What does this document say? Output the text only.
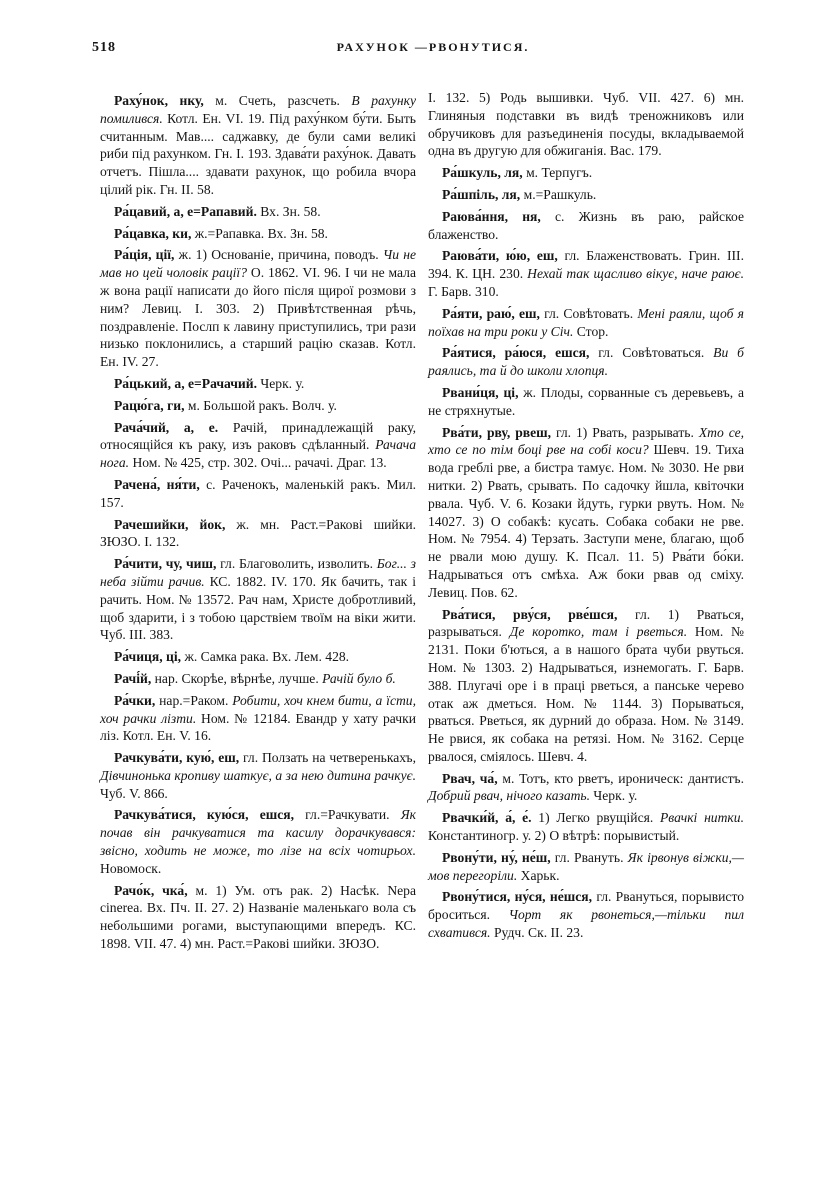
518	РАХУНОК —РВОНУТИСЯ.

Раху́нок, нку, м. Счеть, разсчеть. В рахунку помилився. Котл. Ен. VI. 19. Під раху́нком бу́ти. Быть считанным. Мав.... саджавку, де були сами великі риби під рахунком. Гн. I. 193. Здава́ти раху́нок. Давать отчетъ. Пішла.... здавати рахунок, що робила вчора цілий рік. Гн. II. 58.

Ра́цавий, а, е=Рапавий. Вх. Зн. 58.

Ра́цавка, ки, ж.=Рапавка. Вх. Зн. 58.

Ра́ція, ції, ж. 1) Основаніе, причина, поводъ. Чи не мав но цей чоловік рації? О. 1862. VI. 96. I чи не мала ж вона рації написати до його після щирої розмови з ним? Левиц. I. 303. 2) Привѣтственная рѣчь, поздравленіе. Послп к лавину приступились, три рази низько поклонились, а старший рацію сказав. Котл. Ен. IV. 27.

Ра́цький, а, е=Рачачий. Черк. у.

Рацю́га, ги, м. Большой ракъ. Волч. у.

Рача́чий, а, е. Рачій, принадлежащій раку, относящійся къ раку, изъ раковъ сдѣланный. Рачача нога. Ном. № 425, стр. 302. Очі... рачачі. Драг. 13.

Рачена́, ня́ти, с. Раченокъ, маленькій ракъ. Мил. 157.

Рачешийки, йок, ж. мн. Раст.=Ракові шийки. ЗЮЗО. I. 132.

Ра́чити, чу, чиш, гл. Благоволить, изволить. Бог... з неба зійти рачив. КС. 1882. IV. 170. Як бачить, так і рачить. Ном. № 13572. Рач нам, Христе добротливий, щоб здарити, і з тобою царствіем твоїм на віки жити. Чуб. III. 383.

Ра́чиця, ці, ж. Самка рака. Вх. Лем. 428.

Рачі́й, нар. Скорѣе, вѣрнѣе, лучше. Рачій було б.

Ра́чки, нар.=Раком. Робити, хоч кнем бити, а їсти, хоч рачки лізти. Ном. № 12184. Евандр у хату рачки ліз. Котл. Ен. V. 16.

Рачкува́ти, кую́, еш, гл. Ползать на четверенькахъ, Дівчинонька кропиву шаткує, а за нею дитина рачкує. Чуб. V. 866.

Рачкува́тися, кую́ся, ешся, гл.=Рачкувати. Як почав він рачкуватися та касилу дорачкувався: звісно, ходить не може, то лізе на всіх чотирьох. Новомоск.

Рачо́к, чка́, м. 1) Ум. отъ рак. 2) Насѣк. Nepa cinerea. Вх. Пч. II. 27. 2) Названіе маленькаго вола съ небольшими рогами, выступающими впередъ. КС. 1898. VII. 47. 4) мн. Раст.=Ракові шийки. ЗЮЗО.

I. 132. 5) Родь вышивки. Чуб. VII. 427. 6) мн. Глиняныя подставки въ видѣ треножниковъ или обручиковъ для разъединенія посуды, вкладываемой одна въ другую для обжиганія. Вас. 179.

Ра́шкуль, ля, м. Терпугъ.

Ра́шпіль, ля, м.=Рашкуль.

Раюва́ння, ня, с. Жизнь въ раю, райское блаженство.

Раюва́ти, ю́ю, еш, гл. Блаженствовать. Грин. III. 394. К. ЦН. 230. Нехай так щасливо вікує, наче раює. Г. Барв. 310.

Ра́яти, раю́, еш, гл. Совѣтовать. Мені раяли, щоб я поїхав на три роки у Січ. Стор.

Ра́ятися, ра́юся, ешся, гл. Совѣтоваться. Ви б раялись, та й до школи хлопця.

Рвани́ця, ці, ж. Плоды, сорванные съ деревьевъ, а не стряхнутые.

Рва́ти, рву, рвеш, гл. 1) Рвать, разрывать. Хто се, хто се по тім боці рве на собі коси? Шевч. 19. Тиха вода греблі рве, а бистра тамує. Ном. № 3030. Не рви нитки. 2) Рвать, срывать. По садочку йшла, квіточки рвала. Чуб. V. 6. Козаки йдуть, гурки рвуть. Ном. № 14027. 3) О собакѣ: кусать. Собака собаки не рве. Ном. № 7954. 4) Терзать. Заступи мене, благаю, щоб не рвали мою душу. К. Псал. 11. 5) Рва́ти бо́ки. Надрываться отъ смѣха. Аж боки рвав од сміху. Левиц. Пов. 62.

Рва́тися, рву́ся, рве́шся, гл. 1) Рваться, разрываться. Де коротко, там і рветься. Ном. № 2131. Поки б'ються, а в нашого брата чуби рвуться. Ном. № 1303. 2) Надрываться, изнемогать. Г. Барв. 388. Плугачі оре і в праці рветься, а панське черево отак аж дметься. Ном. № 1144. 3) Порываться, рваться. Рветься, як дурний до образа. Ном. № 3149. Не рвися, як собака на ретязі. Ном. № 3162. Серце рвалося, сміялось. Шевч. 4.

Рвач, ча́, м. Тотъ, кто рветъ, ироническ: дантистъ. Добрий рвач, нічого казать. Черк. у.

Рвачки́й, а́, е́. 1) Легко рвущійся. Рвачкі нитки. Константиногр. у. 2) О вѣтрѣ: порывистый.

Рвону́ти, ну́, не́ш, гл. Рвануть. Як ірвонув віжки,—мов перегоріли. Харьк.

Рвону́тися, ну́ся, не́шся, гл. Рвануться, порывисто броситься. Чорт як рвонеться,—тільки пил схватився. Рудч. Ск. II. 23.
